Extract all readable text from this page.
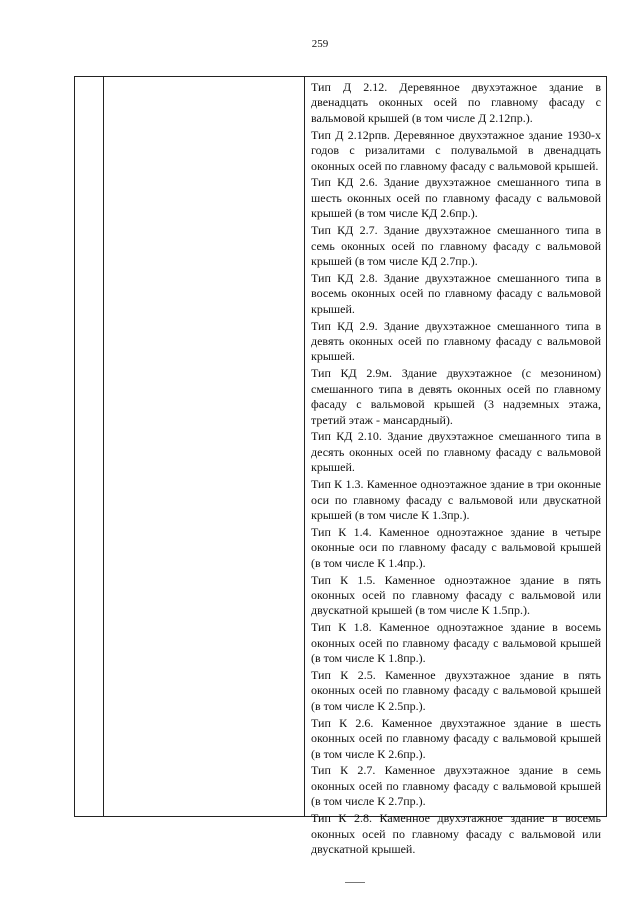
259

Тип Д 2.12. Деревянное двухэтажное здание в двенадцать оконных осей по главному фасаду с вальмовой крышей (в том числе Д 2.12пр.).

Тип Д 2.12рпв. Деревянное двухэтажное здание 1930-х годов с ризалитами с полувальмой в двенадцать оконных осей по главному фасаду с вальмовой крышей.

Тип КД 2.6. Здание двухэтажное смешанного типа в шесть оконных осей по главному фасаду с вальмовой крышей (в том числе КД 2.6пр.).

Тип КД 2.7. Здание двухэтажное смешанного типа в семь оконных осей по главному фасаду с вальмовой крышей (в том числе КД 2.7пр.).

Тип КД 2.8. Здание двухэтажное смешанного типа в восемь оконных осей по главному фасаду с вальмовой крышей.

Тип КД 2.9. Здание двухэтажное смешанного типа в девять оконных осей по главному фасаду с вальмовой крышей.

Тип КД 2.9м. Здание двухэтажное (с мезонином) смешанного типа в девять оконных осей по главному фасаду с вальмовой крышей (3 надземных этажа, третий этаж - мансардный).

Тип КД 2.10. Здание двухэтажное смешанного типа в десять оконных осей по главному фасаду с вальмовой крышей.

Тип К 1.3. Каменное одноэтажное здание в три оконные оси по главному фасаду с вальмовой или двускатной крышей (в том числе К 1.3пр.).

Тип К 1.4. Каменное одноэтажное здание в четыре оконные оси по главному фасаду с вальмовой крышей (в том числе К 1.4пр.).

Тип К 1.5. Каменное одноэтажное здание в пять оконных осей по главному фасаду с вальмовой или двускатной крышей (в том числе К 1.5пр.).

Тип К 1.8. Каменное одноэтажное здание в восемь оконных осей по главному фасаду с вальмовой крышей (в том числе К 1.8пр.).

Тип К 2.5. Каменное двухэтажное здание в пять оконных осей по главному фасаду с вальмовой крышей (в том числе К 2.5пр.).

Тип К 2.6. Каменное двухэтажное здание в шесть оконных осей по главному фасаду с вальмовой крышей (в том числе К 2.6пр.).

Тип К 2.7. Каменное двухэтажное здание в семь оконных осей по главному фасаду с вальмовой крышей (в том числе К 2.7пр.).

Тип К 2.8. Каменное двухэтажное здание в восемь оконных осей по главному фасаду с вальмовой или двускатной крышей.
